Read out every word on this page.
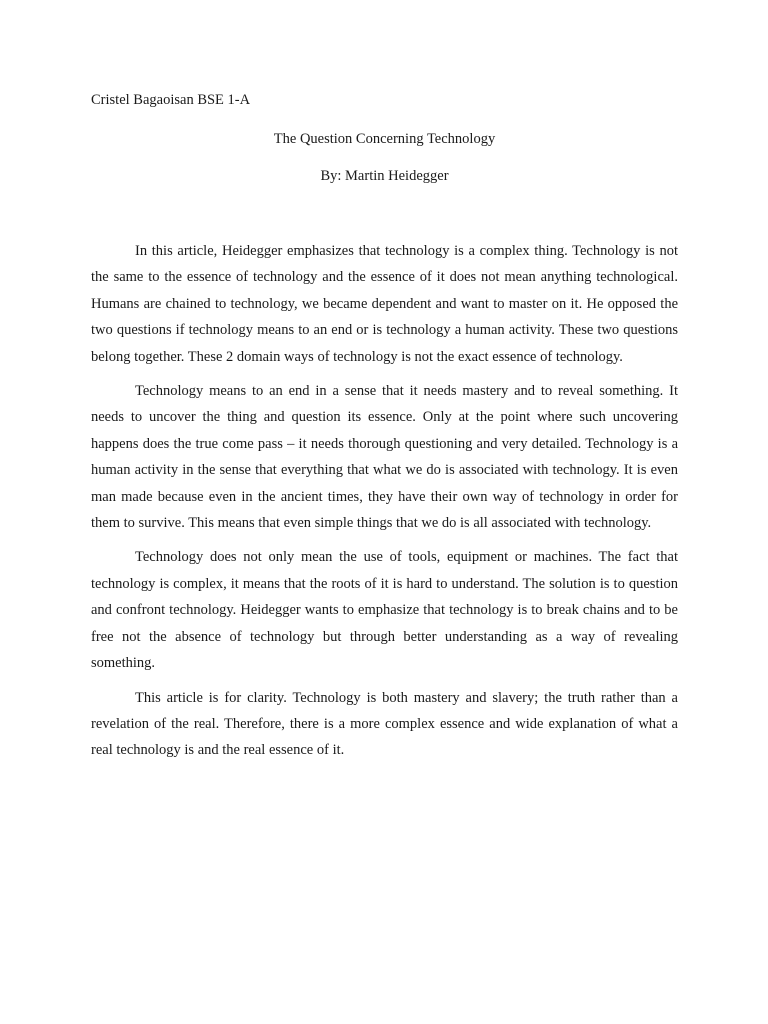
Cristel Bagaoisan BSE 1-A
The Question Concerning Technology
By: Martin Heidegger

In this article, Heidegger emphasizes that technology is a complex thing. Technology is not the same to the essence of technology and the essence of it does not mean anything technological. Humans are chained to technology, we became dependent and want to master on it. He opposed the two questions if technology means to an end or is technology a human activity. These two questions belong together. These 2 domain ways of technology is not the exact essence of technology.

Technology means to an end in a sense that it needs mastery and to reveal something. It needs to uncover the thing and question its essence. Only at the point where such uncovering happens does the true come pass – it needs thorough questioning and very detailed. Technology is a human activity in the sense that everything that what we do is associated with technology. It is even man made because even in the ancient times, they have their own way of technology in order for them to survive. This means that even simple things that we do is all associated with technology.

Technology does not only mean the use of tools, equipment or machines. The fact that technology is complex, it means that the roots of it is hard to understand. The solution is to question and confront technology. Heidegger wants to emphasize that technology is to break chains and to be free not the absence of technology but through better understanding as a way of revealing something.

This article is for clarity. Technology is both mastery and slavery; the truth rather than a revelation of the real. Therefore, there is a more complex essence and wide explanation of what a real technology is and the real essence of it.
